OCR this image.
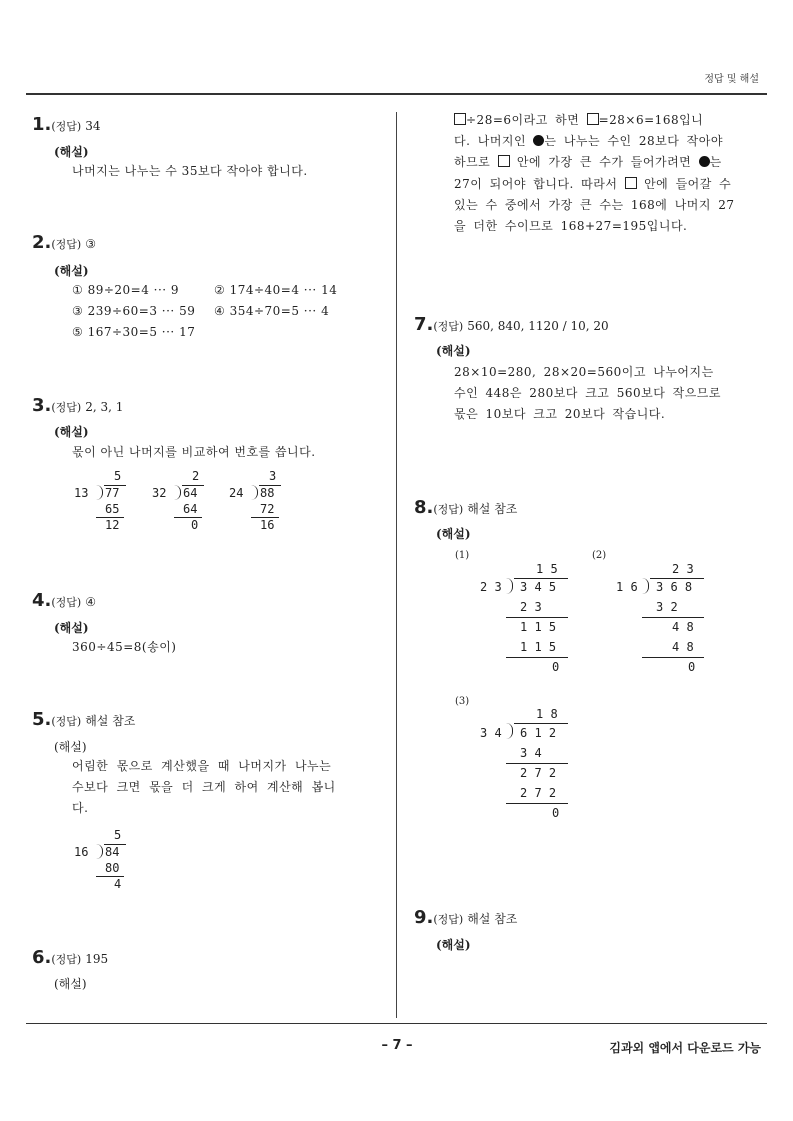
정답 및 해설
– 7 –	김과외 앱에서 다운로드 가능
1.(정답) 34
(해설)
나머지는 나누는 수 35보다 작아야 합니다.
2.(정답) ③
(해설)
① 89÷20=4 ··· 9	② 174÷40=4 ··· 14
③ 239÷60=3 ··· 59 ④ 354÷70=5 ··· 4
⑤ 167÷30=5 ··· 17
3.(정답) 2, 3, 1
(해설)
몫이 아닌 나머지를 비교하여 번호를 씁니다.
5
13 77
65
12
2
32 64
64
0
3
24 88
72
16
4.(정답) ④
(해설)
360÷45=8(송이)
5.(정답) 해설 참조
(해설)
어림한 몫으로 계산했을 때 나머지가 나누는
수보다 크면 몫을 더 크게 하여 계산해 봅니
다.
5
16 84
80
4
6.(정답) 195
(해설)
÷28=6이라고 하면 =28×6=168입니
다. 나머지인 는 나누는 수인 28보다 작아야
하므로  안에 가장 큰 수가 들어가려면 는
27이 되어야 합니다. 따라서  안에 들어갈 수
있는 수 중에서 가장 큰 수는 168에 나머지 27
을 더한 수이므로 168+27=195입니다.
7.(정답) 560, 840, 1120 / 10, 20
(해설)
28×10=280, 28×20=560이고 나누어지는
수인 448은 280보다 크고 560보다 작으므로
몫은 10보다 크고 20보다 작습니다.
8.(정답) 해설 참조
(해설)
(1)
1 5
2 3 3 4 5
2 3
1 1 5
1 1 5
0
(2)
2 3
1 6 3 6 8
3 2
4 8
4 8
0
(3)
1 8
3 4 6 1 2
3 4
2 7 2
2 7 2
0
9.(정답) 해설 참조
(해설)
